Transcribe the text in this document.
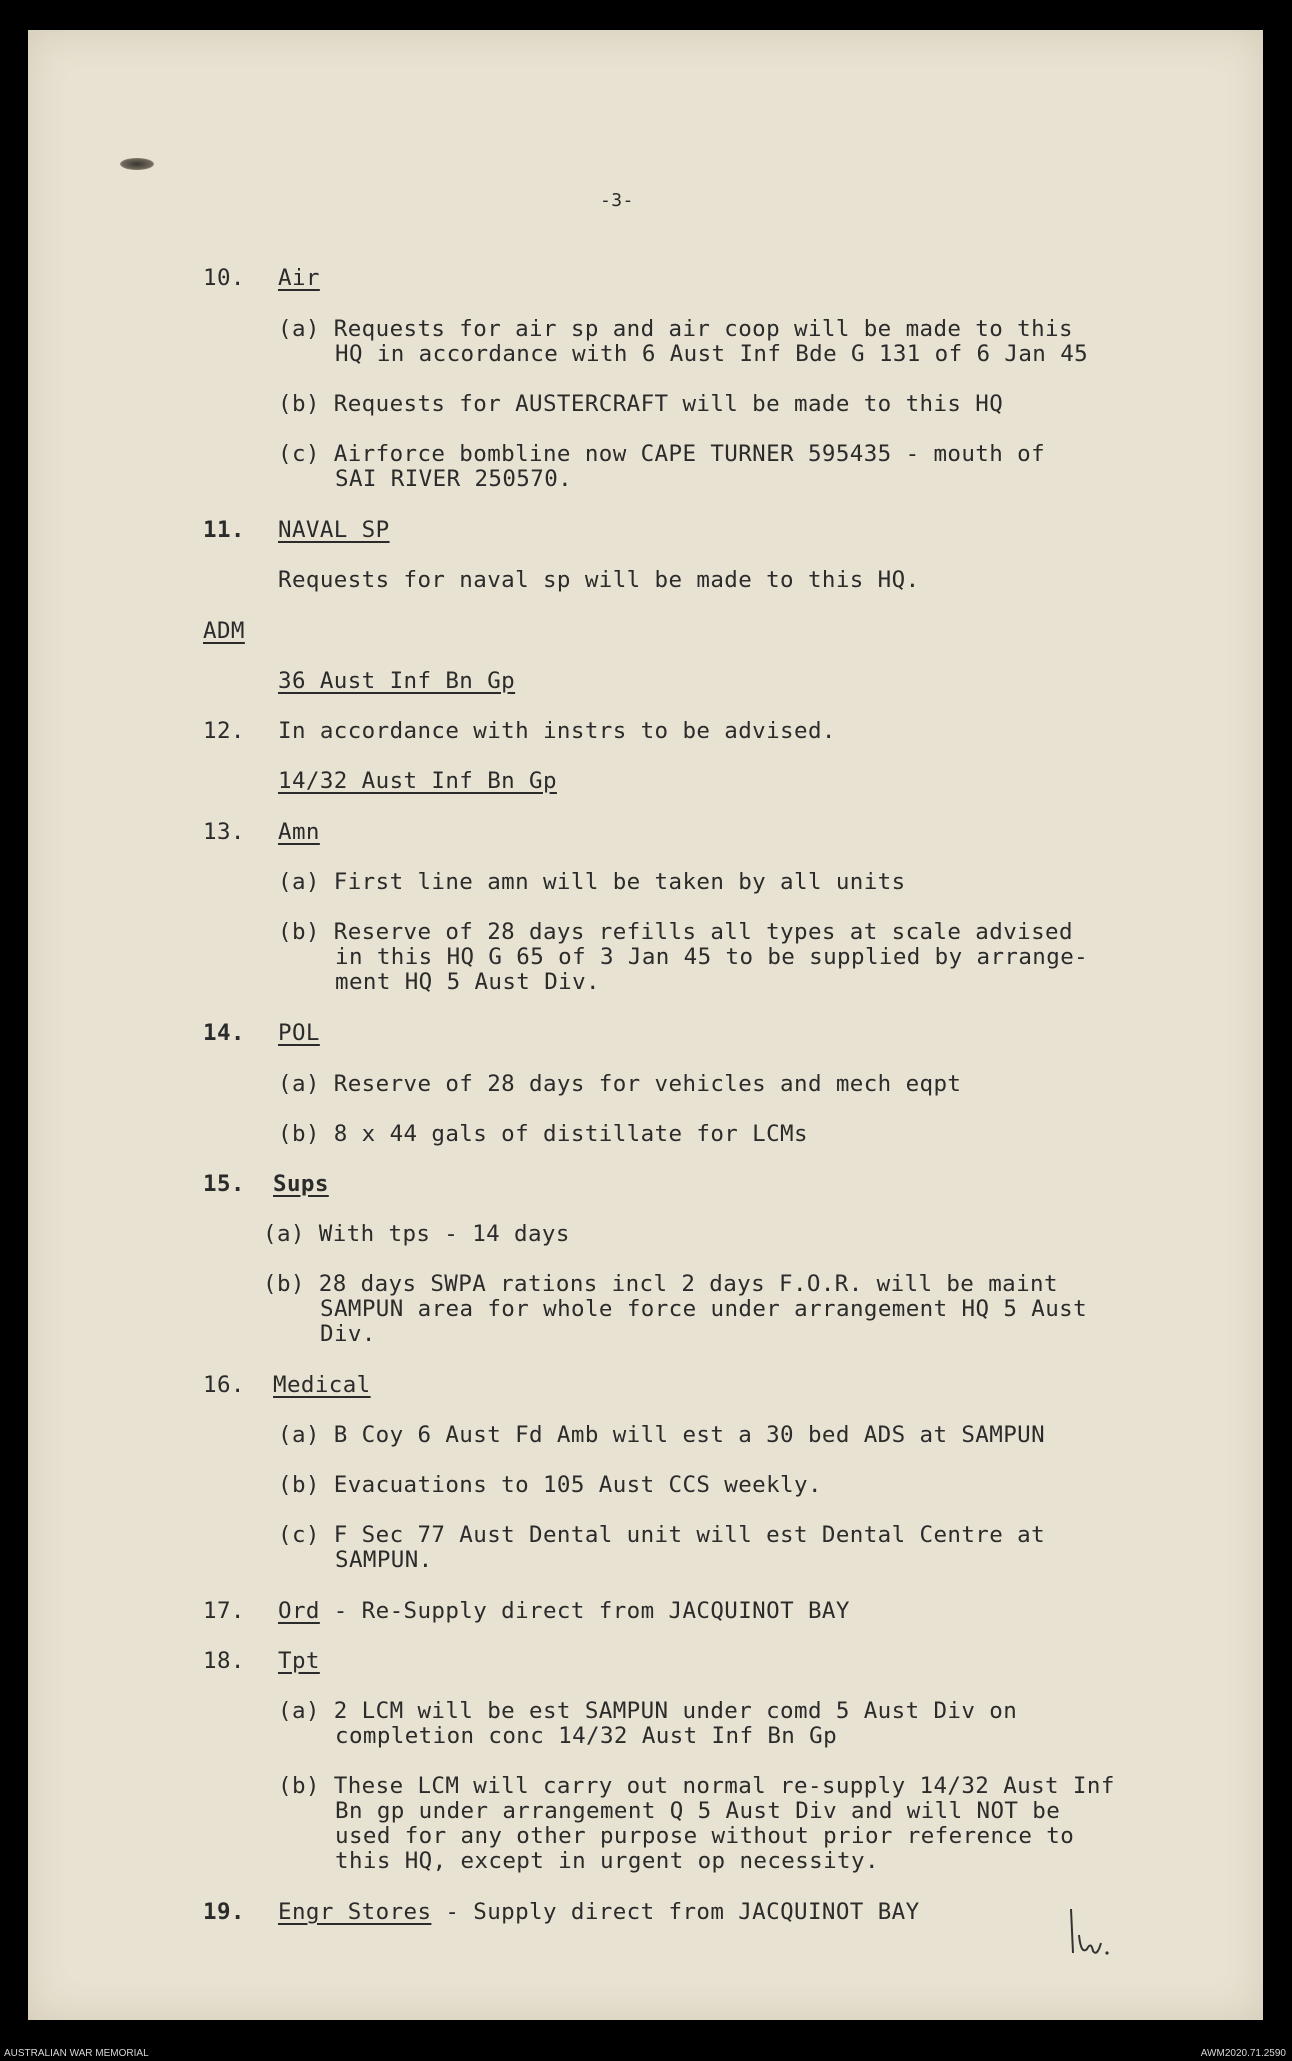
-3-
10. Air
(a) Requests for air sp and air coop will be made to this
HQ in accordance with 6 Aust Inf Bde G 131 of 6 Jan 45
(b) Requests for AUSTERCRAFT will be made to this HQ
(c) Airforce bombline now CAPE TURNER 595435 - mouth of
SAI RIVER 250570.
11. NAVAL SP
Requests for naval sp will be made to this HQ.
ADM
36 Aust Inf Bn Gp
12. In accordance with instrs to be advised.
14/32 Aust Inf Bn Gp
13. Amn
(a) First line amn will be taken by all units
(b) Reserve of 28 days refills all types at scale advised
in this HQ G 65 of 3 Jan 45 to be supplied by arrange-
ment HQ 5 Aust Div.
14. POL
(a) Reserve of 28 days for vehicles and mech eqpt
(b) 8 x 44 gals of distillate for LCMs
15. Sups
(a) With tps - 14 days
(b) 28 days SWPA rations incl 2 days F.O.R. will be maint
SAMPUN area for whole force under arrangement HQ 5 Aust
Div.
16. Medical
(a) B Coy 6 Aust Fd Amb will est a 30 bed ADS at SAMPUN
(b) Evacuations to 105 Aust CCS weekly.
(c) F Sec 77 Aust Dental unit will est Dental Centre at
SAMPUN.
17. Ord - Re-Supply direct from JACQUINOT BAY
18. Tpt
(a) 2 LCM will be est SAMPUN under comd 5 Aust Div on
completion conc 14/32 Aust Inf Bn Gp
(b) These LCM will carry out normal re-supply 14/32 Aust Inf
Bn gp under arrangement Q 5 Aust Div and will NOT be
used for any other purpose without prior reference to
this HQ, except in urgent op necessity.
19. Engr Stores - Supply direct from JACQUINOT BAY
AUSTRALIAN WAR MEMORIAL	AWM2020.71.2590
